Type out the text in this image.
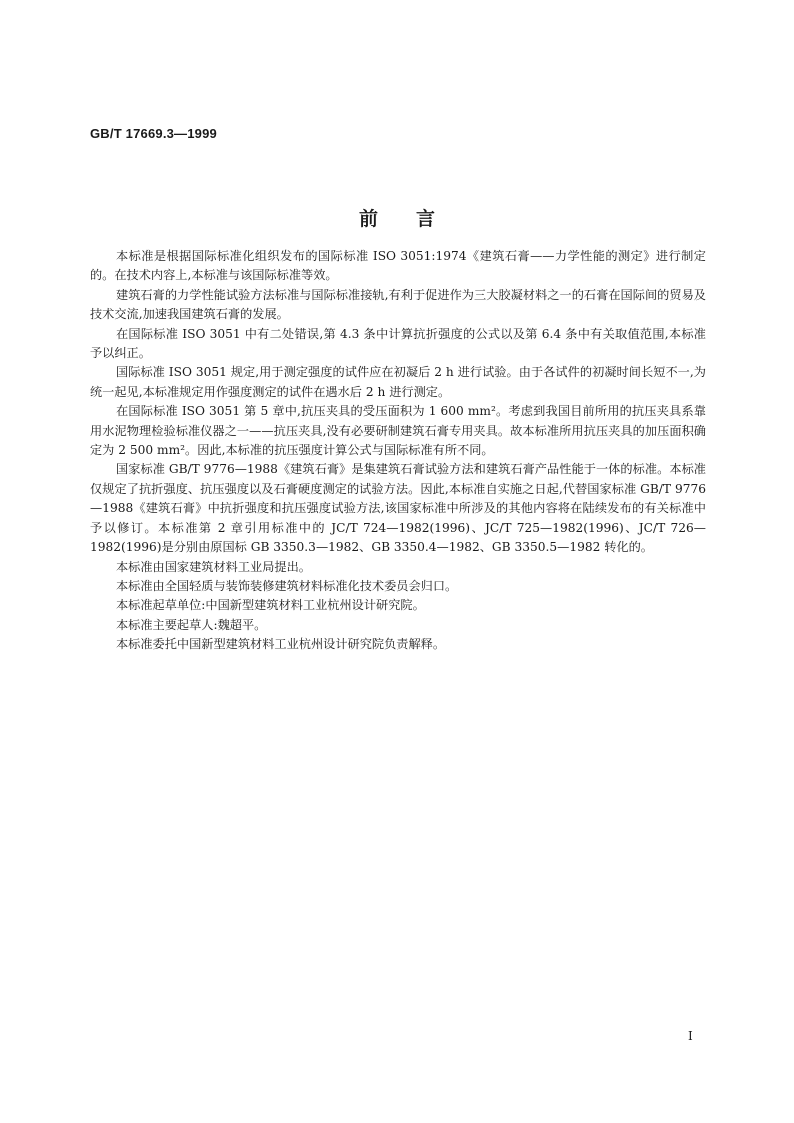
GB/T 17669.3—1999
前 言

本标准是根据国际标准化组织发布的国际标准 ISO 3051:1974《建筑石膏——力学性能的测定》进行制定的。在技术内容上,本标准与该国际标准等效。

建筑石膏的力学性能试验方法标准与国际标准接轨,有利于促进作为三大胶凝材料之一的石膏在国际间的贸易及技术交流,加速我国建筑石膏的发展。

在国际标准 ISO 3051 中有二处错误,第 4.3 条中计算抗折强度的公式以及第 6.4 条中有关取值范围,本标准予以纠正。

国际标准 ISO 3051 规定,用于测定强度的试件应在初凝后 2 h 进行试验。由于各试件的初凝时间长短不一,为统一起见,本标准规定用作强度测定的试件在遇水后 2 h 进行测定。

在国际标准 ISO 3051 第 5 章中,抗压夹具的受压面积为 1 600 mm²。考虑到我国目前所用的抗压夹具系靠用水泥物理检验标准仪器之一——抗压夹具,没有必要研制建筑石膏专用夹具。故本标准所用抗压夹具的加压面积确定为 2 500 mm²。因此,本标准的抗压强度计算公式与国际标准有所不同。

国家标准 GB/T 9776—1988《建筑石膏》是集建筑石膏试验方法和建筑石膏产品性能于一体的标准。本标准仅规定了抗折强度、抗压强度以及石膏硬度测定的试验方法。因此,本标准自实施之日起,代替国家标准 GB/T 9776—1988《建筑石膏》中抗折强度和抗压强度试验方法,该国家标准中所涉及的其他内容将在陆续发布的有关标准中予以修订。本标准第 2 章引用标准中的 JC/T 724—1982(1996)、JC/T 725—1982(1996)、JC/T 726—1982(1996)是分别由原国标 GB 3350.3—1982、GB 3350.4—1982、GB 3350.5—1982 转化的。

本标准由国家建筑材料工业局提出。

本标准由全国轻质与装饰装修建筑材料标准化技术委员会归口。

本标准起草单位:中国新型建筑材料工业杭州设计研究院。

本标准主要起草人:魏超平。

本标准委托中国新型建筑材料工业杭州设计研究院负责解释。

I
